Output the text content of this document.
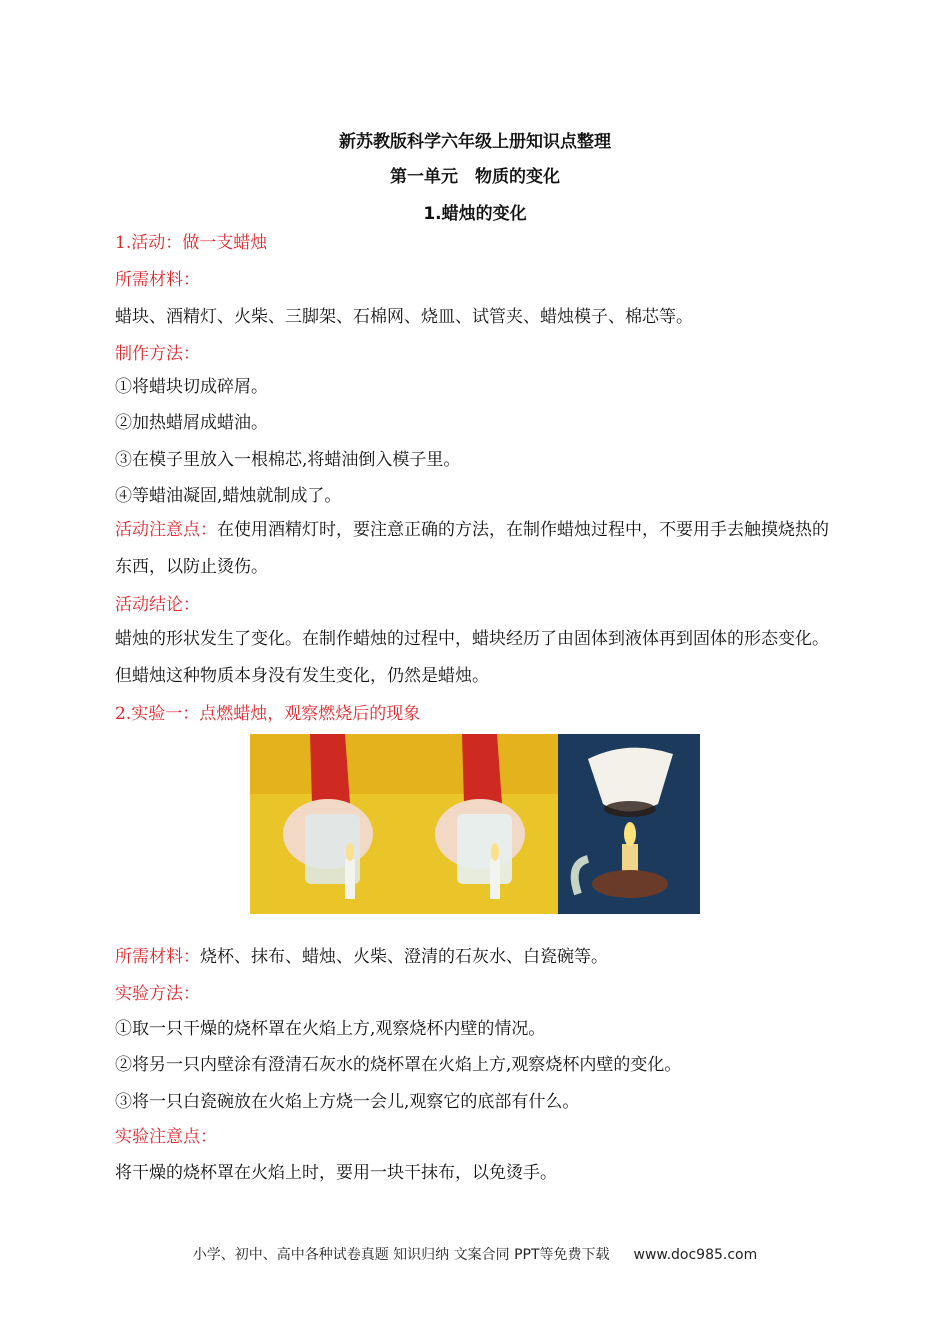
新苏教版科学六年级上册知识点整理
第一单元　物质的变化
1.蜡烛的变化
1.活动：做一支蜡烛
所需材料：
蜡块、酒精灯、火柴、三脚架、石棉网、烧皿、试管夹、蜡烛模子、棉芯等。
制作方法：
①将蜡块切成碎屑。
②加热蜡屑成蜡油。
③在模子里放入一根棉芯,将蜡油倒入模子里。
④等蜡油凝固,蜡烛就制成了。
活动注意点：在使用酒精灯时，要注意正确的方法，在制作蜡烛过程中，不要用手去触摸烧热的东西，以防止烫伤。
活动结论：
蜡烛的形状发生了变化。在制作蜡烛的过程中，蜡块经历了由固体到液体再到固体的形态变化。但蜡烛这种物质本身没有发生变化，仍然是蜡烛。
2.实验一：点燃蜡烛，观察燃烧后的现象
所需材料：烧杯、抹布、蜡烛、火柴、澄清的石灰水、白瓷碗等。
实验方法：
①取一只干燥的烧杯罩在火焰上方,观察烧杯内壁的情况。
②将另一只内壁涂有澄清石灰水的烧杯罩在火焰上方,观察烧杯内壁的变化。
③将一只白瓷碗放在火焰上方烧一会儿,观察它的底部有什么。
实验注意点：
将干燥的烧杯罩在火焰上时，要用一块干抹布，以免烫手。
小学、初中、高中各种试卷真题 知识归纳 文案合同 PPT等免费下载 www.doc985.com
